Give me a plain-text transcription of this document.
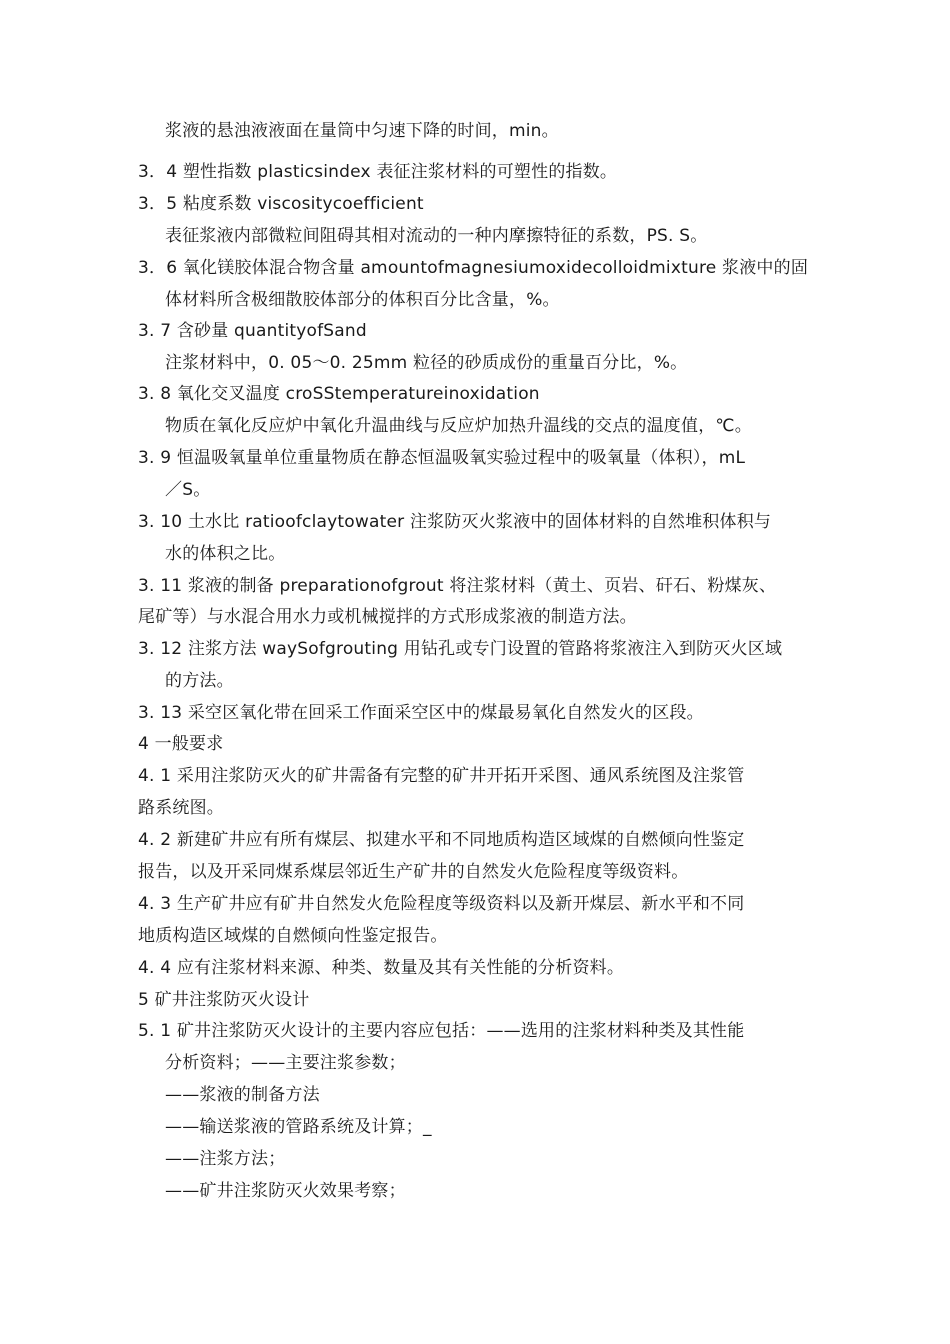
浆液的悬浊液液面在量筒中匀速下降的时间，min。
3．4 塑性指数 plasticsindex 表征注浆材料的可塑性的指数。
3．5 粘度系数 viscositycoefficient
表征浆液内部微粒间阻碍其相对流动的一种内摩擦特征的系数，PS. S。
3．6 氧化镁胶体混合物含量 amountofmagnesiumoxidecolloidmixture 浆液中的固
体材料所含极细散胶体部分的体积百分比含量，%。
3. 7 含砂量 quantityofSand
注浆材料中，0. 05〜0. 25mm 粒径的砂质成份的重量百分比，%。
3. 8 氧化交叉温度 croSStemperatureinoxidation
物质在氧化反应炉中氧化升温曲线与反应炉加热升温线的交点的温度值，℃。
3. 9 恒温吸氧量单位重量物质在静态恒温吸氧实验过程中的吸氧量（体积），mL
／S。
3. 10 土水比 ratioofclaytowater 注浆防灭火浆液中的固体材料的自然堆积体积与
水的体积之比。
3. 11 浆液的制备 preparationofgrout 将注浆材料（黄土、页岩、矸石、粉煤灰、
尾矿等）与水混合用水力或机械搅拌的方式形成浆液的制造方法。
3. 12 注浆方法 waySofgrouting 用钻孔或专门设置的管路将浆液注入到防灭火区域
的方法。
3. 13 采空区氧化带在回采工作面采空区中的煤最易氧化自然发火的区段。
4 一般要求
4. 1 采用注浆防灭火的矿井需备有完整的矿井开拓开采图、通风系统图及注浆管
路系统图。
4. 2 新建矿井应有所有煤层、拟建水平和不同地质构造区域煤的自燃倾向性鉴定
报告，以及开采同煤系煤层邻近生产矿井的自然发火危险程度等级资料。
4. 3 生产矿井应有矿井自然发火危险程度等级资料以及新开煤层、新水平和不同
地质构造区域煤的自燃倾向性鉴定报告。
4. 4 应有注浆材料来源、种类、数量及其有关性能的分析资料。
5 矿井注浆防灭火设计
5. 1 矿井注浆防灭火设计的主要内容应包括：——选用的注浆材料种类及其性能
分析资料；——主要注浆参数；
——浆液的制备方法
——输送浆液的管路系统及计算；_
——注浆方法；
——矿井注浆防灭火效果考察；
